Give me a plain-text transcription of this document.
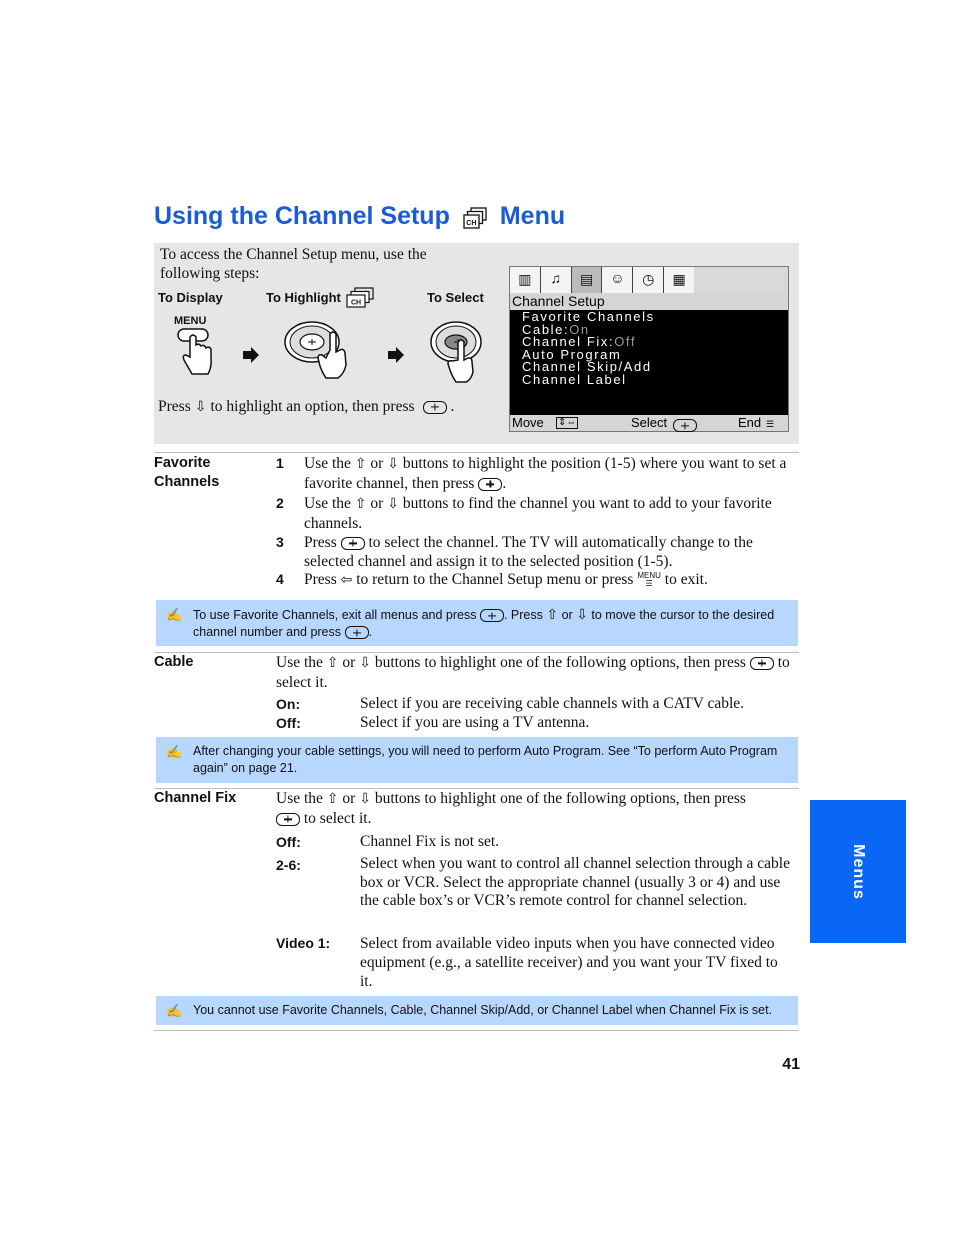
Using the Channel Setup CH Menu
To access the Channel Setup menu, use the following steps:
To Display	To Highlight CH	To Select
MENU
Press ⇩ to highlight an option, then press .
▥	♫	▤	☺	◷	▦
Channel Setup
Favorite Channels
Cable:On
Channel Fix:Off
Auto Program
Channel Skip/Add
Channel Label
Move ⇕⇔	Select	End ☰
Favorite Channels
1 Use the ⇧ or ⇩ buttons to highlight the position (1-5) where you want to set a favorite channel, then press .
2 Use the ⇧ or ⇩ buttons to find the channel you want to add to your favorite channels.
3 Press to select the channel. The TV will automatically change to the selected channel and assign it to the selected position (1-5).
4 Press ⇦ to return to the Channel Setup menu or press MENU
☰ to exit.
✍ To use Favorite Channels, exit all menus and press . Press ⇧ or ⇩ to move the cursor to the desired channel number and press .
Cable	Use the ⇧ or ⇩ buttons to highlight one of the following options, then press to select it.
On:	Select if you are receiving cable channels with a CATV cable.
Off:	Select if you are using a TV antenna.
✍ After changing your cable settings, you will need to perform Auto Program. See “To perform Auto Program again” on page 21.
Channel Fix	Use the ⇧ or ⇩ buttons to highlight one of the following options, then press  to select it.
Off:	Channel Fix is not set.
2-6:	Select when you want to control all channel selection through a cable box or VCR. Select the appropriate channel (usually 3 or 4) and use the cable box’s or VCR’s remote control for channel selection.
Video 1: Select from available video inputs when you have connected video equipment (e.g., a satellite receiver) and you want your TV fixed to it.
✍ You cannot use Favorite Channels, Cable, Channel Skip/Add, or Channel Label when Channel Fix is set.
Menus
41
